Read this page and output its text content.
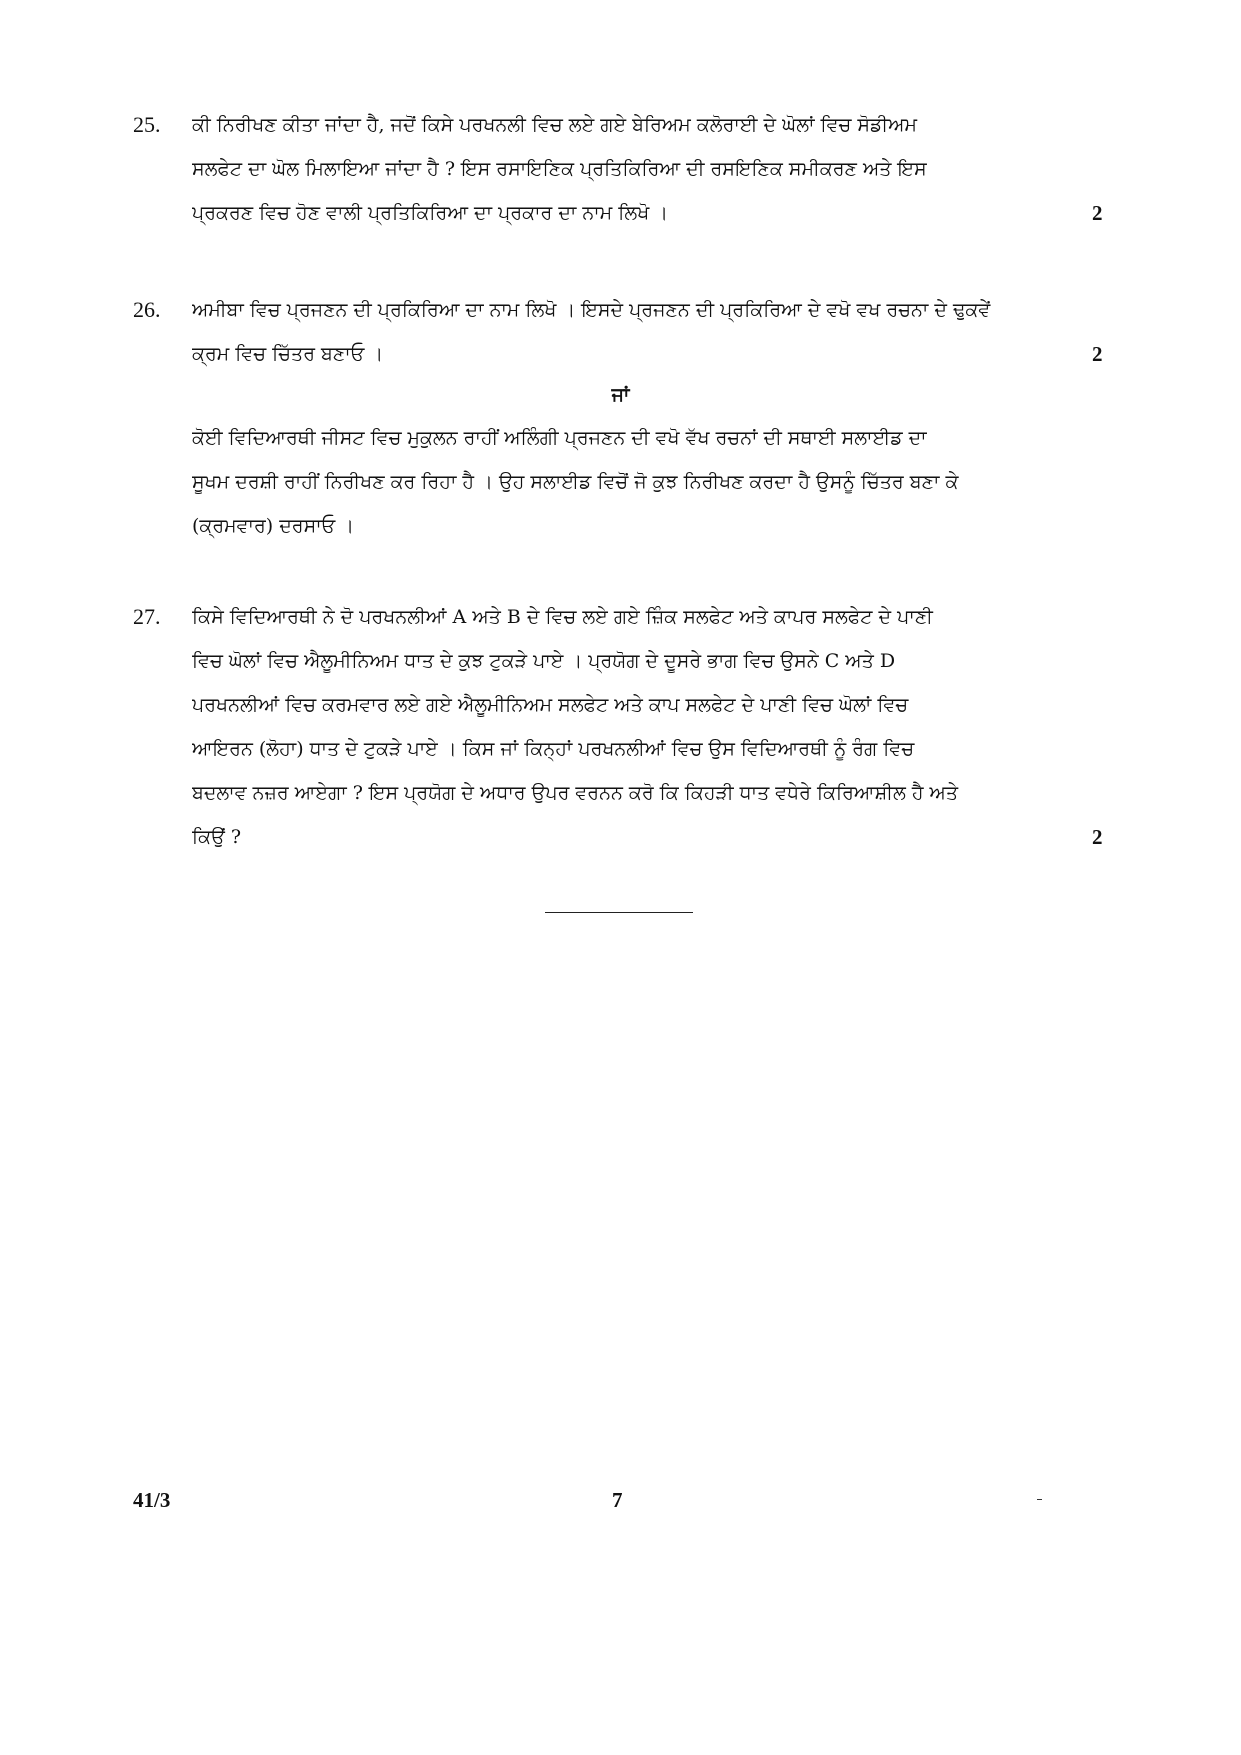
25. ਕੀ ਨਿਰੀਖਣ ਕੀਤਾ ਜਾਂਦਾ ਹੈ, ਜਦੋਂ ਕਿਸੇ ਪਰਖਨਲੀ ਵਿਚ ਲਏ ਗਏ ਬੇਰਿਅਮ ਕਲੋਰਾਈ ਦੇ ਘੋਲਾਂ ਵਿਚ ਸੋਡੀਅਮ
ਸਲਫੇਟ ਦਾ ਘੋਲ ਮਿਲਾਇਆ ਜਾਂਦਾ ਹੈ ? ਇਸ ਰਸਾਇਣਿਕ ਪ੍ਰਤਿਕਿਰਿਆ ਦੀ ਰਸਇਣਿਕ ਸਮੀਕਰਣ ਅਤੇ ਇਸ
ਪ੍ਰਕਰਣ ਵਿਚ ਹੋਣ ਵਾਲੀ ਪ੍ਰਤਿਕਿਰਿਆ ਦਾ ਪ੍ਰਕਾਰ ਦਾ ਨਾਮ ਲਿਖੋ ।	2
26. ਅਮੀਬਾ ਵਿਚ ਪ੍ਰਜਣਨ ਦੀ ਪ੍ਰਕਿਰਿਆ ਦਾ ਨਾਮ ਲਿਖੋ । ਇਸਦੇ ਪ੍ਰਜਣਨ ਦੀ ਪ੍ਰਕਿਰਿਆ ਦੇ ਵਖੋ ਵਖ ਰਚਨਾ ਦੇ ਢੁਕਵੇਂ
ਕ੍ਰਮ ਵਿਚ ਚਿੱਤਰ ਬਣਾਓ ।	2
ਜਾਂ
ਕੋਈ ਵਿਦਿਆਰਥੀ ਜੀਸਟ ਵਿਚ ਮੁਕੁਲਨ ਰਾਹੀਂ ਅਲਿੰਗੀ ਪ੍ਰਜਣਨ ਦੀ ਵਖੋ ਵੱਖ ਰਚਨਾਂ ਦੀ ਸਥਾਈ ਸਲਾਈਡ ਦਾ
ਸੂਖਮ ਦਰਸ਼ੀ ਰਾਹੀਂ ਨਿਰੀਖਣ ਕਰ ਰਿਹਾ ਹੈ । ਉਹ ਸਲਾਈਡ ਵਿਚੋਂ ਜੋ ਕੁਝ ਨਿਰੀਖਣ ਕਰਦਾ ਹੈ ਉਸਨੂੰ ਚਿੱਤਰ ਬਣਾ ਕੇ
(ਕ੍ਰਮਵਾਰ) ਦਰਸਾਓ ।
27. ਕਿਸੇ ਵਿਦਿਆਰਥੀ ਨੇ ਦੋ ਪਰਖਨਲੀਆਂ A ਅਤੇ B ਦੇ ਵਿਚ ਲਏ ਗਏ ਜ਼ਿੰਕ ਸਲਫੇਟ ਅਤੇ ਕਾਪਰ ਸਲਫੇਟ ਦੇ ਪਾਣੀ
ਵਿਚ ਘੋਲਾਂ ਵਿਚ ਐਲੂਮੀਨਿਅਮ ਧਾਤ ਦੇ ਕੁਝ ਟੁਕੜੇ ਪਾਏ । ਪ੍ਰਯੋਗ ਦੇ ਦੂਸਰੇ ਭਾਗ ਵਿਚ ਉਸਨੇ C ਅਤੇ D
ਪਰਖਨਲੀਆਂ ਵਿਚ ਕਰਮਵਾਰ ਲਏ ਗਏ ਐਲੂਮੀਨਿਅਮ ਸਲਫੇਟ ਅਤੇ ਕਾਪ ਸਲਫੇਟ ਦੇ ਪਾਣੀ ਵਿਚ ਘੋਲਾਂ ਵਿਚ
ਆਇਰਨ (ਲੋਹਾ) ਧਾਤ ਦੇ ਟੁਕੜੇ ਪਾਏ । ਕਿਸ ਜਾਂ ਕਿਨ੍ਹਾਂ ਪਰਖਨਲੀਆਂ ਵਿਚ ਉਸ ਵਿਦਿਆਰਥੀ ਨੂੰ ਰੰਗ ਵਿਚ
ਬਦਲਾਵ ਨਜ਼ਰ ਆਏਗਾ ? ਇਸ ਪ੍ਰਯੋਗ ਦੇ ਅਧਾਰ ਉਪਰ ਵਰਨਨ ਕਰੋ ਕਿ ਕਿਹੜੀ ਧਾਤ ਵਧੇਰੇ ਕਿਰਿਆਸ਼ੀਲ ਹੈ ਅਤੇ
ਕਿਉਂ ?	2
41/3	7
